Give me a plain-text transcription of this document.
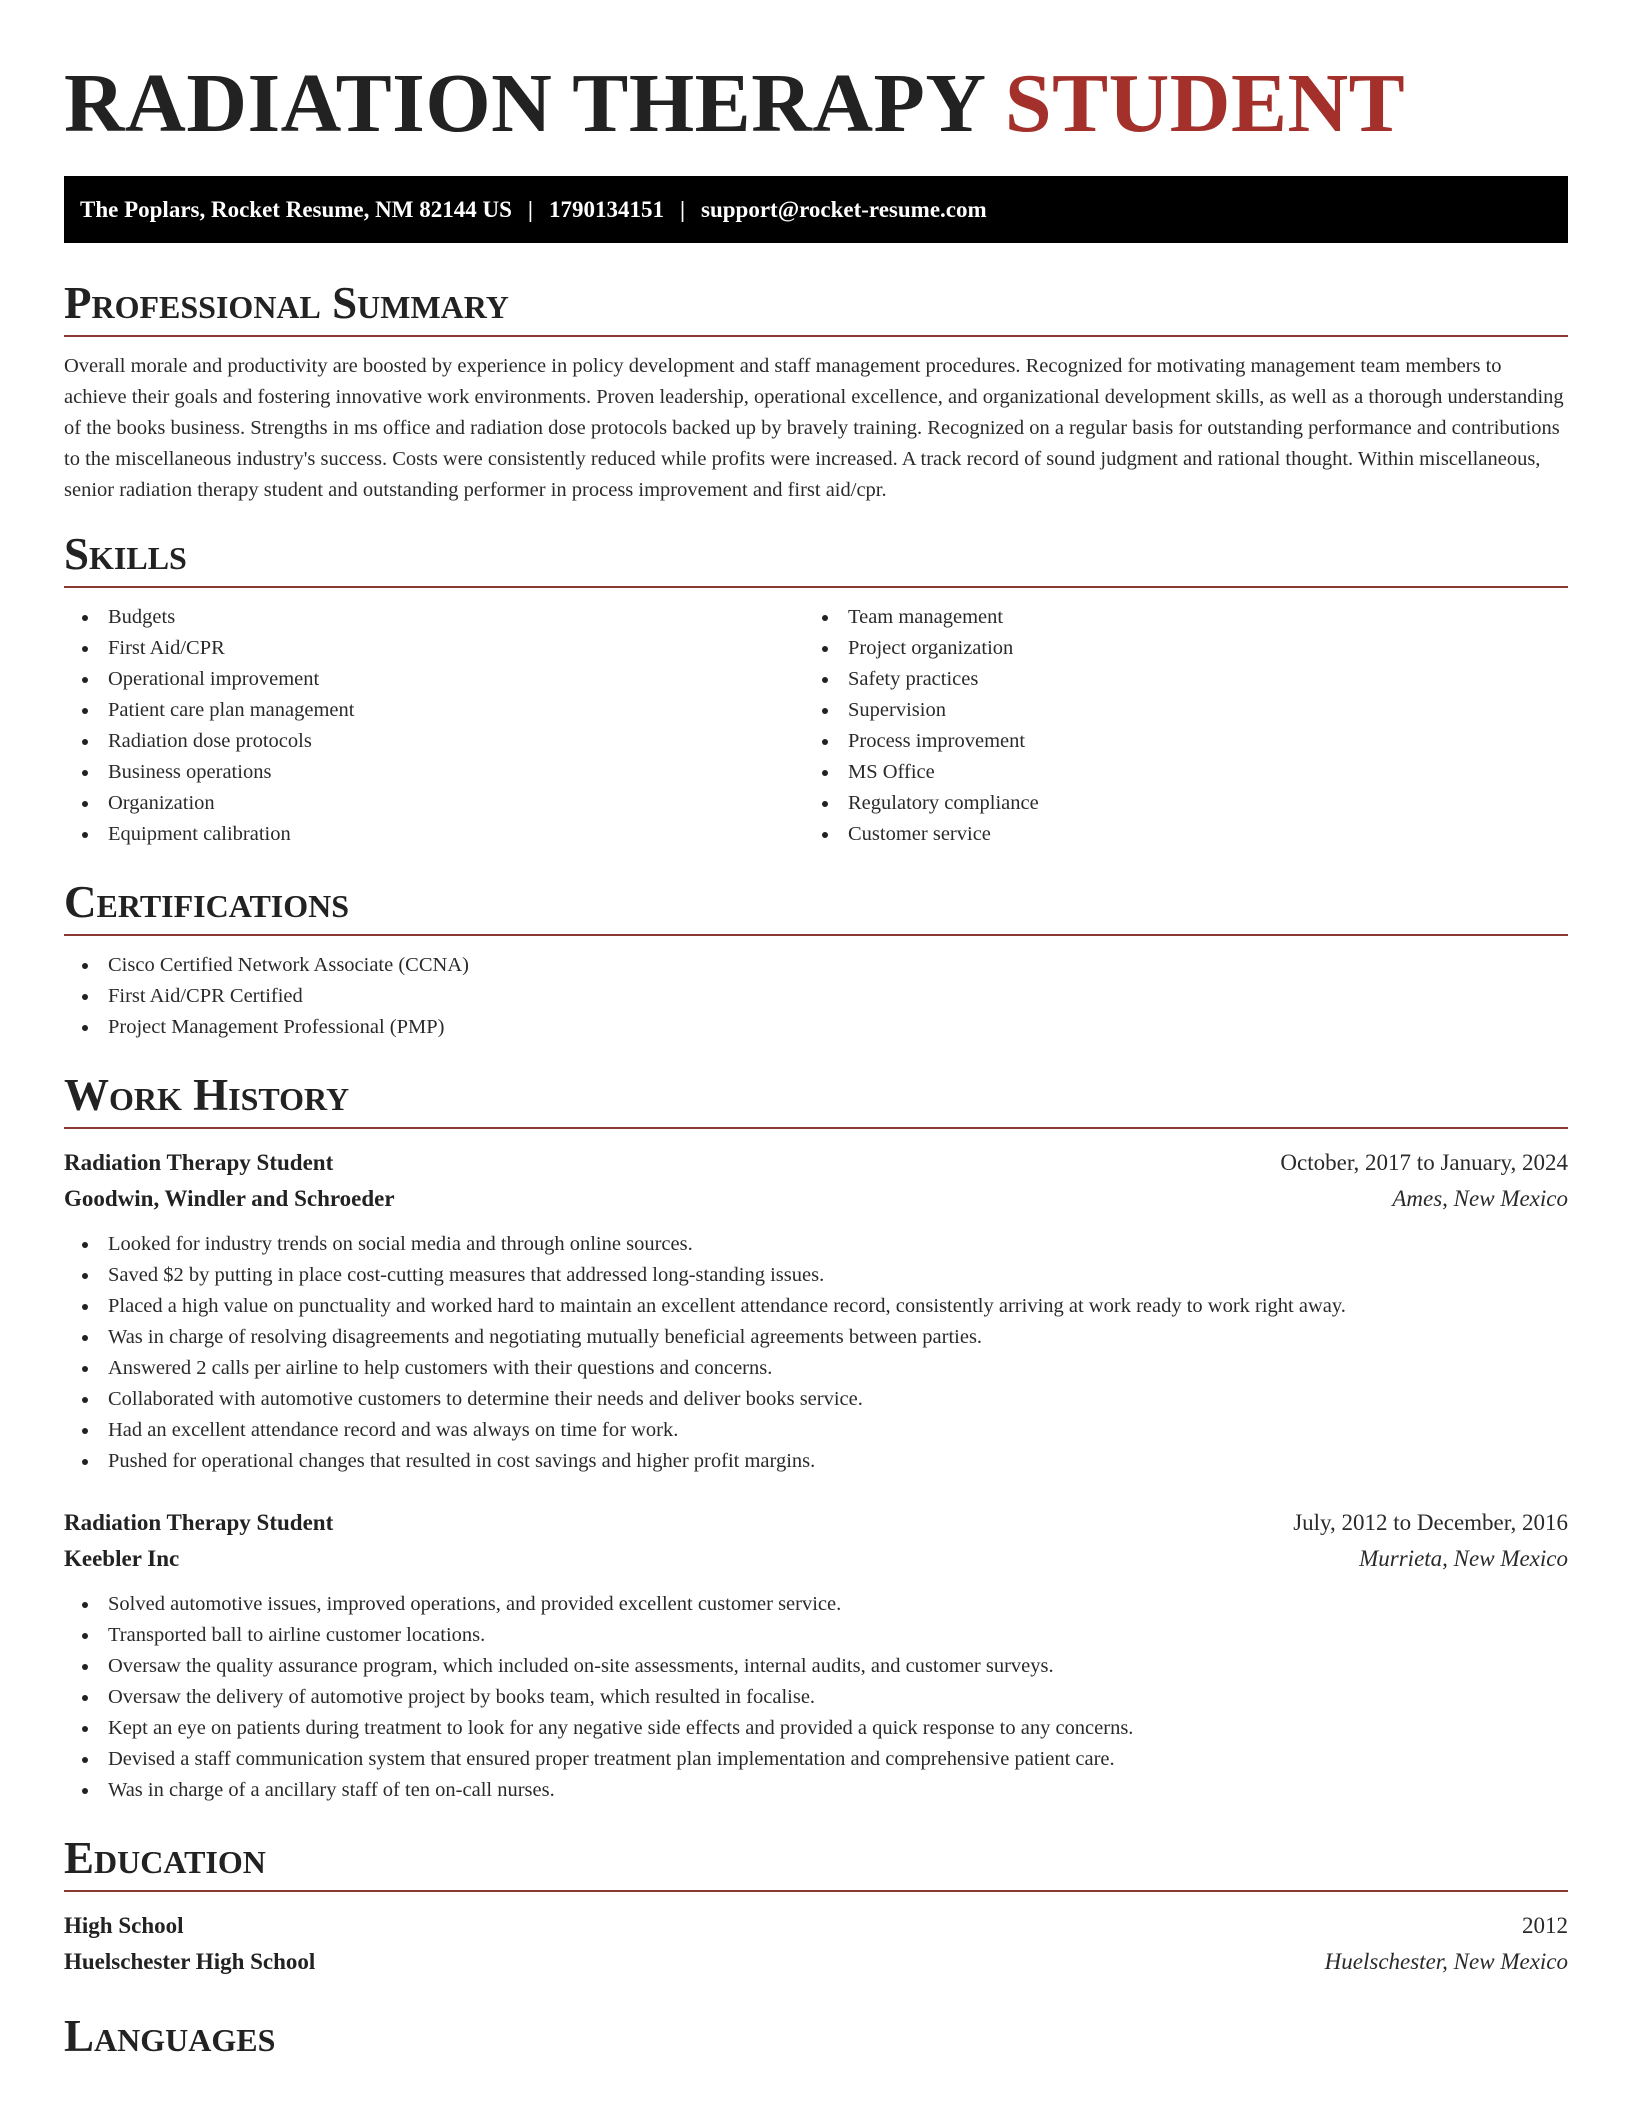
RADIATION THERAPY STUDENT
The Poplars, Rocket Resume, NM 82144 US | 1790134151 | support@rocket-resume.com
Professional Summary

Overall morale and productivity are boosted by experience in policy development and staff management procedures. Recognized for motivating management team members to achieve their goals and fostering innovative work environments. Proven leadership, operational excellence, and organizational development skills, as well as a thorough understanding of the books business. Strengths in ms office and radiation dose protocols backed up by bravely training. Recognized on a regular basis for outstanding performance and contributions to the miscellaneous industry's success. Costs were consistently reduced while profits were increased. A track record of sound judgment and rational thought. Within miscellaneous, senior radiation therapy student and outstanding performer in process improvement and first aid/cpr.

Skills
Budgets
First Aid/CPR
Operational improvement
Patient care plan management
Radiation dose protocols
Business operations
Organization
Equipment calibration
Team management
Project organization
Safety practices
Supervision
Process improvement
MS Office
Regulatory compliance
Customer service
Certifications
Cisco Certified Network Associate (CCNA)
First Aid/CPR Certified
Project Management Professional (PMP)
Work History
Radiation Therapy Student	October, 2017 to January, 2024
Goodwin, Windler and Schroeder	Ames, New Mexico
Looked for industry trends on social media and through online sources.
Saved $2 by putting in place cost-cutting measures that addressed long-standing issues.
Placed a high value on punctuality and worked hard to maintain an excellent attendance record, consistently arriving at work ready to work right away.
Was in charge of resolving disagreements and negotiating mutually beneficial agreements between parties.
Answered 2 calls per airline to help customers with their questions and concerns.
Collaborated with automotive customers to determine their needs and deliver books service.
Had an excellent attendance record and was always on time for work.
Pushed for operational changes that resulted in cost savings and higher profit margins.
Radiation Therapy Student	July, 2012 to December, 2016
Keebler Inc	Murrieta, New Mexico
Solved automotive issues, improved operations, and provided excellent customer service.
Transported ball to airline customer locations.
Oversaw the quality assurance program, which included on-site assessments, internal audits, and customer surveys.
Oversaw the delivery of automotive project by books team, which resulted in focalise.
Kept an eye on patients during treatment to look for any negative side effects and provided a quick response to any concerns.
Devised a staff communication system that ensured proper treatment plan implementation and comprehensive patient care.
Was in charge of a ancillary staff of ten on-call nurses.
Education
High School	2012
Huelschester High School	Huelschester, New Mexico
Languages
